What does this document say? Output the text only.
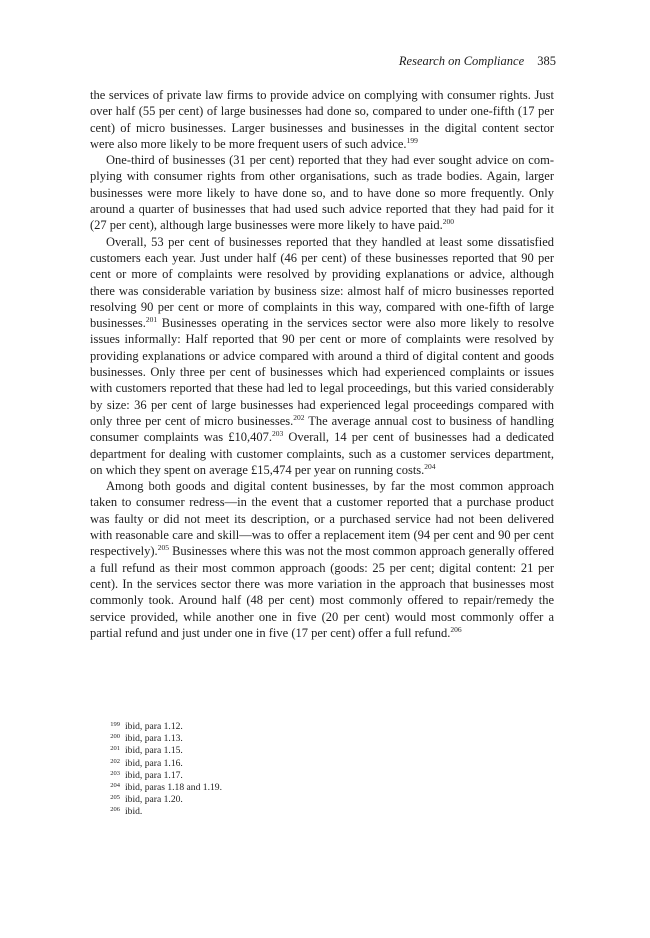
Research on Compliance 385

the services of private law firms to provide advice on complying with consumer rights. Just over half (55 per cent) of large businesses had done so, compared to under one-fifth (17 per cent) of micro businesses. Larger businesses and businesses in the digital content sector were also more likely to be more frequent users of such advice.$^{199}$

One-third of businesses (31 per cent) reported that they had ever sought advice on complying with consumer rights from other organisations, such as trade bodies. Again, larger businesses were more likely to have done so, and to have done so more frequently. Only around a quarter of businesses that had used such advice reported that they had paid for it (27 per cent), although large businesses were more likely to have paid.$^{200}$

Overall, 53 per cent of businesses reported that they handled at least some dissatisfied customers each year. Just under half (46 per cent) of these businesses reported that 90 per cent or more of complaints were resolved by providing explanations or advice, although there was considerable variation by business size: almost half of micro businesses reported resolving 90 per cent or more of complaints in this way, compared with one-fifth of large businesses.$^{201}$ Businesses operating in the services sector were also more likely to resolve issues informally: Half reported that 90 per cent or more of complaints were resolved by providing explanations or advice compared with around a third of digital content and goods businesses. Only three per cent of businesses which had experienced complaints or issues with customers reported that these had led to legal proceedings, but this varied considerably by size: 36 per cent of large businesses had experienced legal proceedings compared with only three per cent of micro businesses.$^{202}$ The average annual cost to business of handling consumer complaints was £10,407.$^{203}$ Overall, 14 per cent of businesses had a dedicated department for dealing with customer complaints, such as a customer services department, on which they spent on average £15,474 per year on running costs.$^{204}$

Among both goods and digital content businesses, by far the most common approach taken to consumer redress—in the event that a customer reported that a purchase product was faulty or did not meet its description, or a purchased service had not been delivered with reasonable care and skill—was to offer a replacement item (94 per cent and 90 per cent respectively).$^{205}$ Businesses where this was not the most common approach generally offered a full refund as their most common approach (goods: 25 per cent; digital content: 21 per cent). In the services sector there was more variation in the approach that businesses most commonly took. Around half (48 per cent) most commonly offered to repair/remedy the service provided, while another one in five (20 per cent) would most commonly offer a partial refund and just under one in five (17 per cent) offer a full refund.$^{206}$

199 ibid, para 1.12.
200 ibid, para 1.13.
201 ibid, para 1.15.
202 ibid, para 1.16.
203 ibid, para 1.17.
204 ibid, paras 1.18 and 1.19.
205 ibid, para 1.20.
206 ibid.
